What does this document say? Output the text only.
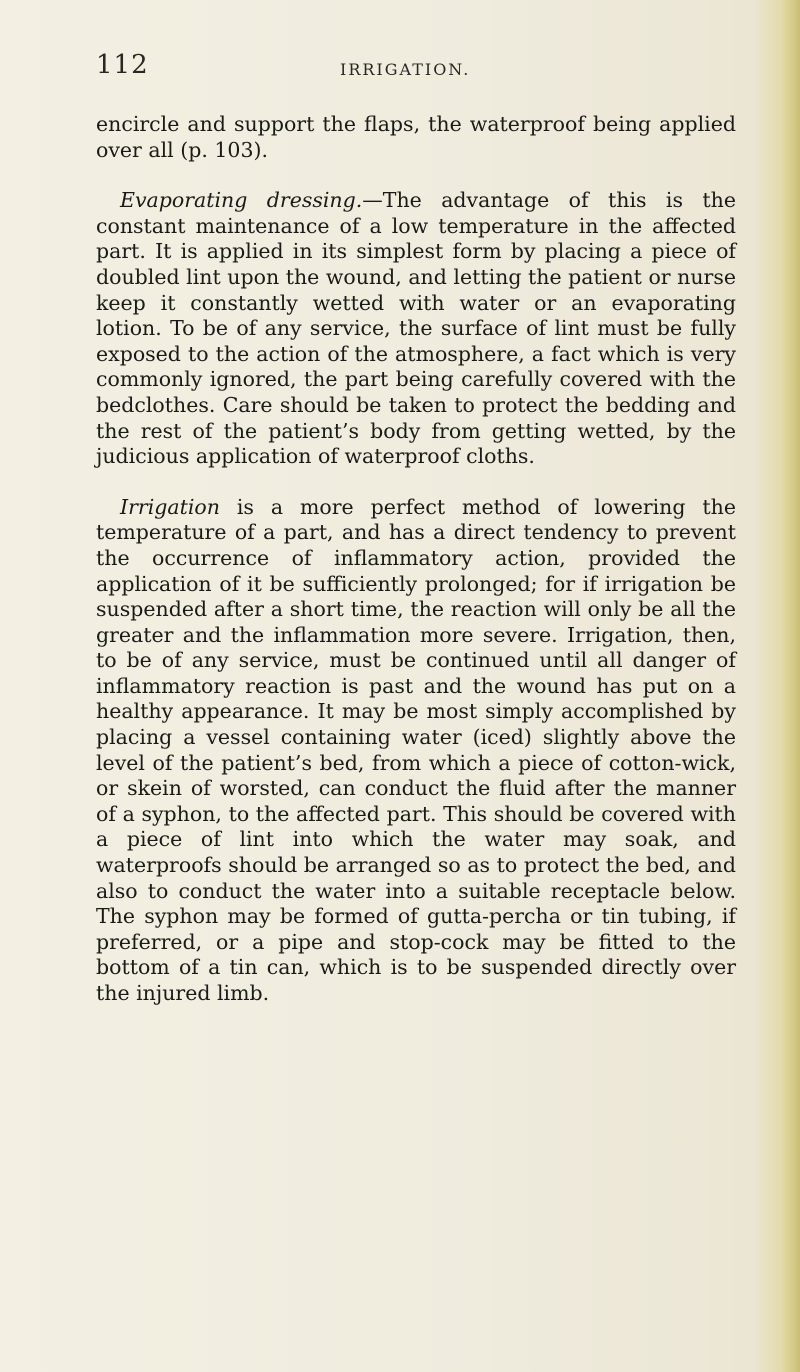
112	IRRIGATION.

encircle and support the flaps, the waterproof being applied over all (p. 103).

Evaporating dressing.—The advantage of this is the constant maintenance of a low temperature in the affected part. It is applied in its simplest form by placing a piece of doubled lint upon the wound, and letting the patient or nurse keep it constantly wetted with water or an evaporating lotion. To be of any service, the surface of lint must be fully exposed to the action of the atmosphere, a fact which is very commonly ignored, the part being carefully covered with the bedclothes. Care should be taken to protect the bedding and the rest of the patient’s body from getting wetted, by the judicious application of waterproof cloths.

Irrigation is a more perfect method of lowering the temperature of a part, and has a direct tendency to prevent the occurrence of inflammatory action, provided the application of it be sufficiently prolonged; for if irrigation be suspended after a short time, the reaction will only be all the greater and the inflammation more severe. Irrigation, then, to be of any service, must be continued until all danger of inflammatory reaction is past and the wound has put on a healthy appearance. It may be most simply accomplished by placing a vessel containing water (iced) slightly above the level of the patient’s bed, from which a piece of cotton-wick, or skein of worsted, can conduct the fluid after the manner of a syphon, to the affected part. This should be covered with a piece of lint into which the water may soak, and waterproofs should be arranged so as to protect the bed, and also to conduct the water into a suitable receptacle below. The syphon may be formed of gutta-percha or tin tubing, if preferred, or a pipe and stop-cock may be fitted to the bottom of a tin can, which is to be suspended directly over the injured limb.
